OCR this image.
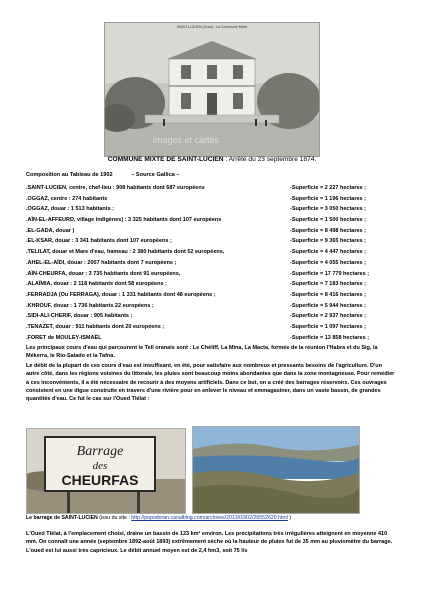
SAINT-LUCIEN (Oran) - La Commune Mixte
images et cartes
COMMUNE MIXTE DE SAINT-LUCIEN : Arrêté du 23 septembre 1874.
Composition au Tableau de 1902            – Source Gallica –
.SAINT-LUCIEN, centre, chef-lieu : 908 habitants dont 687 européens	-Superficie = 2 227 hectares ;
.OGGAZ, centre : 274 habitants	-Superficie = 1 196 hectares ;
.OGGAZ, douar : 1 513 habitants ;	-Superficie = 3 050 hectares ;
.AÏN-EL-AFFEURD, village indigènes) : 3 325 habitants dont 107 européens	-Superficie = 1 500 hectares ;
.EL-GADA, douar )	-Superficie = 8 498 hectares ;
.EL-KSAR, douar : 3 341 habitants dont 107 européens ;	-Superficie = 9 365 hectares ;
.TELILAT, douar et Mare d'eau, hameau : 2 380 habitants dont 52 européens,	-Superficie = 4 447 hectares ;
.AHEL-EL-AÏDI, douar : 2007 habitants dont 7 européens ;	-Superficie = 4 055 hectares ;
.AÏN-CHEURFA, douar : 3 735 habitants dont 91 européens,	-Superficie = 17 779 hectares ;
.ALAÏMIA, douar : 2 118 habitants dont 58 européens ;	-Superficie = 7 183 hectares ;
.FERRADJA (Ou FERRAGA), douar : 1 331 habitants dont 48 européens ;	-Superficie = 8 416 hectares ;
.KHROUF, douar : 1 736 habitants 22 européens ;	-Superficie = 5 944 hectares ;
.SIDI-ALI-CHERIF, douar : 905 habitants ;	-Superficie = 2 937 hectares ;
.TENAZET, douar : 911 habitants dont 20 européens ;	-Superficie = 1 097 hectares ;
.FORET de MOULEY-ISMAËL	-Superficie = 13 858 hectares ;
Les principaux cours d'eau qui parcourent le Tell oranais sont : Le Chéliff, La Mina, La Macta, formée de la réunion l'Habra et du Sig, la Mékerra, le Rio-Salado et la Tafna.
Le débit de la plupart de ces cours d'eau est insuffisant, en été, pour satisfaire aux nombreux et pressants besoins de l'agriculture. D'un autre côté, dans les régions voisines du littorale, les pluies sont beaucoup moins abondantes que dans la zone montagneuse. Pour remédier à ces inconvénients, il a été nécessaire de recourir à des moyens artificiels. Dans ce but, on a créé des barrages réservoirs. Ces ouvrages consistent en une digue construite en travers d'une rivière pour en enlever le niveau et emmagasiner, dans un vaste bassin, de grandes quantités d'eau. Ce fut le cas sur l'Oued Tlélat :
Barrage
des
CHEURFAS
Le barrage de SAINT-LUCIEN (issu du site : http://popodoran.canalblog.com/archives/2013/03/02/26552620.html )
L'Oued Tlélat, à l'emplacement choisi, draine un bassin de 123 km² environ. Les précipitations très irrégulières atteignent en moyenne 410 mm. On connaît une année (septembre 1892-août 1893) extrêmement sèche où la hauteur de pluies fut de 35 mm au pluviomètre du barrage. L'oued est lui aussi très capricieux. Le débit annuel moyen est de 2,4 hm3, soit 75 l/s
